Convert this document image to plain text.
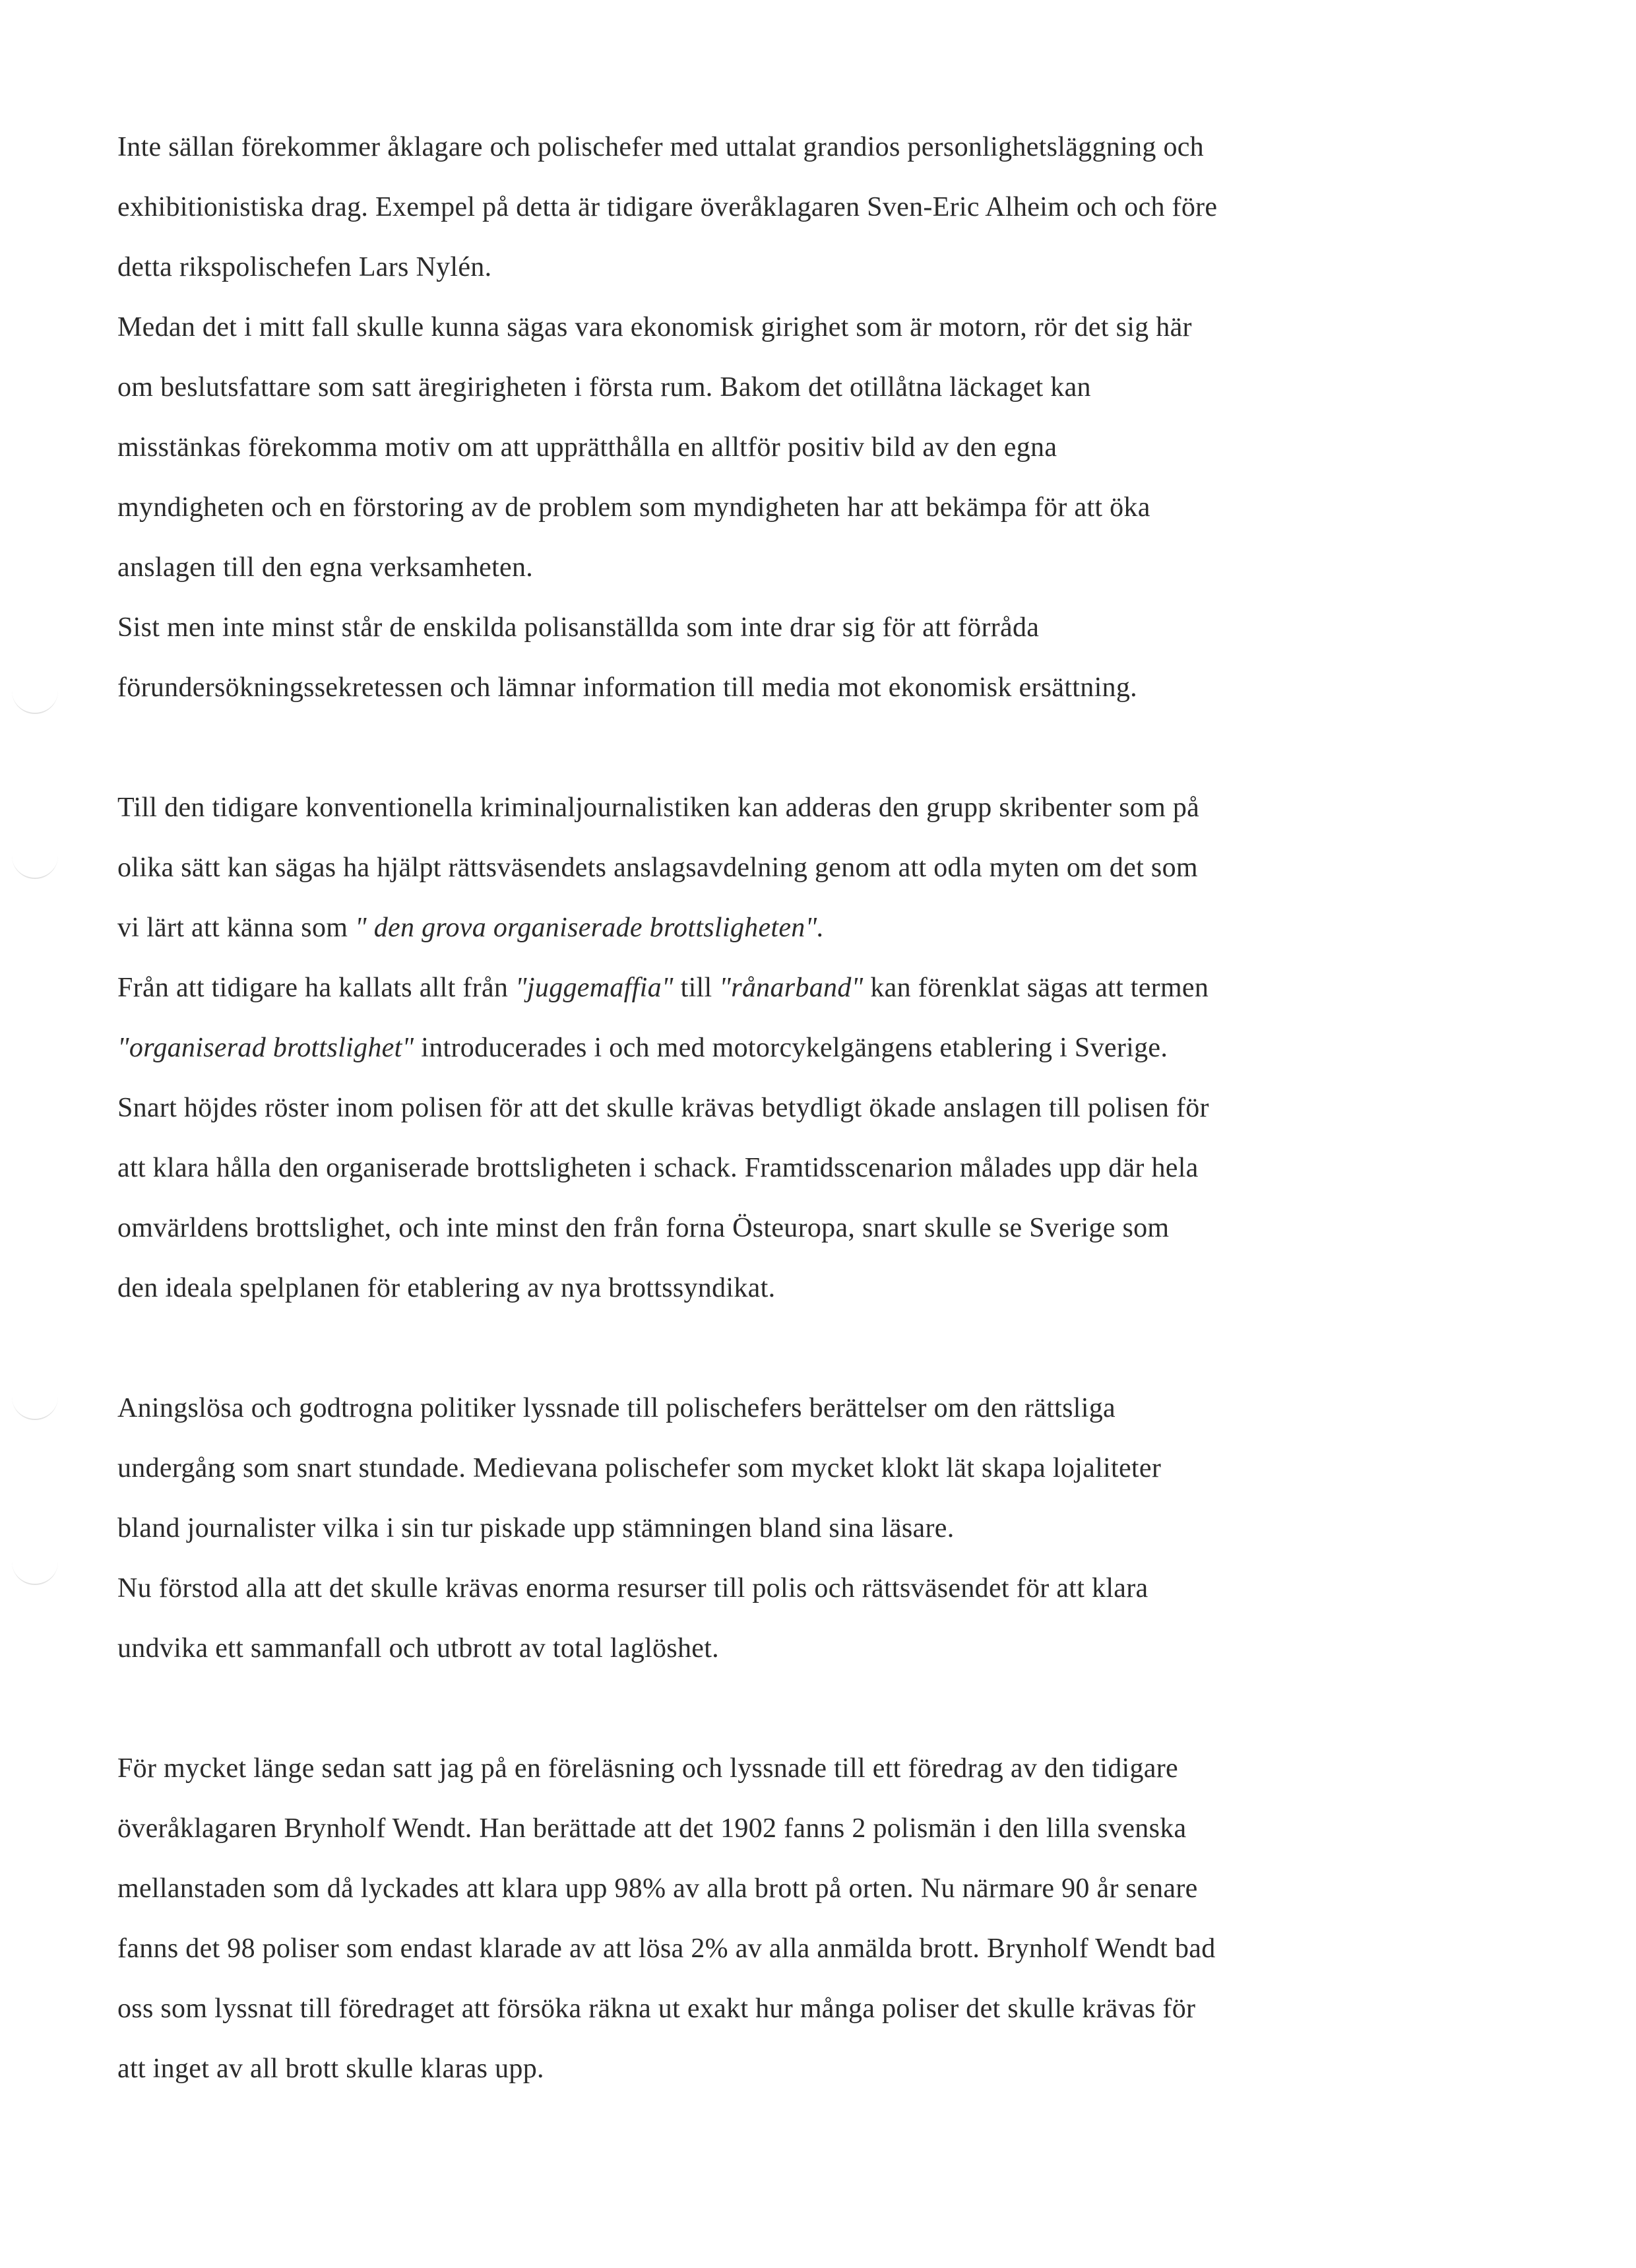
Inte sällan förekommer åklagare och polischefer med uttalat grandios personlighetsläggning och
exhibitionistiska drag. Exempel på detta är tidigare överåklagaren Sven-Eric Alheim och och före
detta rikspolischefen Lars Nylén.

Medan det i mitt fall skulle kunna sägas vara ekonomisk girighet som är motorn, rör det sig här
om beslutsfattare som satt äregirigheten i första rum. Bakom det otillåtna läckaget kan
misstänkas förekomma motiv om att upprätthålla en alltför positiv bild av den egna
myndigheten och en förstoring av de problem som myndigheten har att bekämpa för att öka
anslagen till den egna verksamheten.

Sist men inte minst står de enskilda polisanställda som inte drar sig för att förråda
förundersökningssekretessen och lämnar information till media mot ekonomisk ersättning.

Till den tidigare konventionella kriminaljournalistiken kan adderas den grupp skribenter som på
olika sätt kan sägas ha hjälpt rättsväsendets anslagsavdelning genom att odla myten om det som
vi lärt att känna som " den grova organiserade brottsligheten".

Från att tidigare ha kallats allt från "juggemaffia" till "rånarband" kan förenklat sägas att termen
"organiserad brottslighet" introducerades i och med motorcykelgängens etablering i Sverige.
Snart höjdes röster inom polisen för att det skulle krävas betydligt ökade anslagen till polisen för
att klara hålla den organiserade brottsligheten i schack. Framtidsscenarion målades upp där hela
omvärldens brottslighet, och inte minst den från forna Östeuropa, snart skulle se Sverige som
den ideala spelplanen för etablering av nya brottssyndikat.

Aningslösa och godtrogna politiker lyssnade till polischefers berättelser om den rättsliga
undergång som snart stundade. Medievana polischefer som mycket klokt lät skapa lojaliteter
bland journalister vilka i sin tur piskade upp stämningen bland sina läsare.
Nu förstod alla att det skulle krävas enorma resurser till polis och rättsväsendet för att klara
undvika ett sammanfall och utbrott av total laglöshet.

För mycket länge sedan satt jag på en föreläsning och lyssnade till ett föredrag av den tidigare
överåklagaren Brynholf Wendt. Han berättade att det 1902 fanns 2 polismän i den lilla svenska
mellanstaden som då lyckades att klara upp 98% av alla brott på orten. Nu närmare 90 år senare
fanns det 98 poliser som endast klarade av att lösa 2% av alla anmälda brott. Brynholf Wendt bad
oss som lyssnat till föredraget att försöka räkna ut exakt hur många poliser det skulle krävas för
att inget av all brott skulle klaras upp.
